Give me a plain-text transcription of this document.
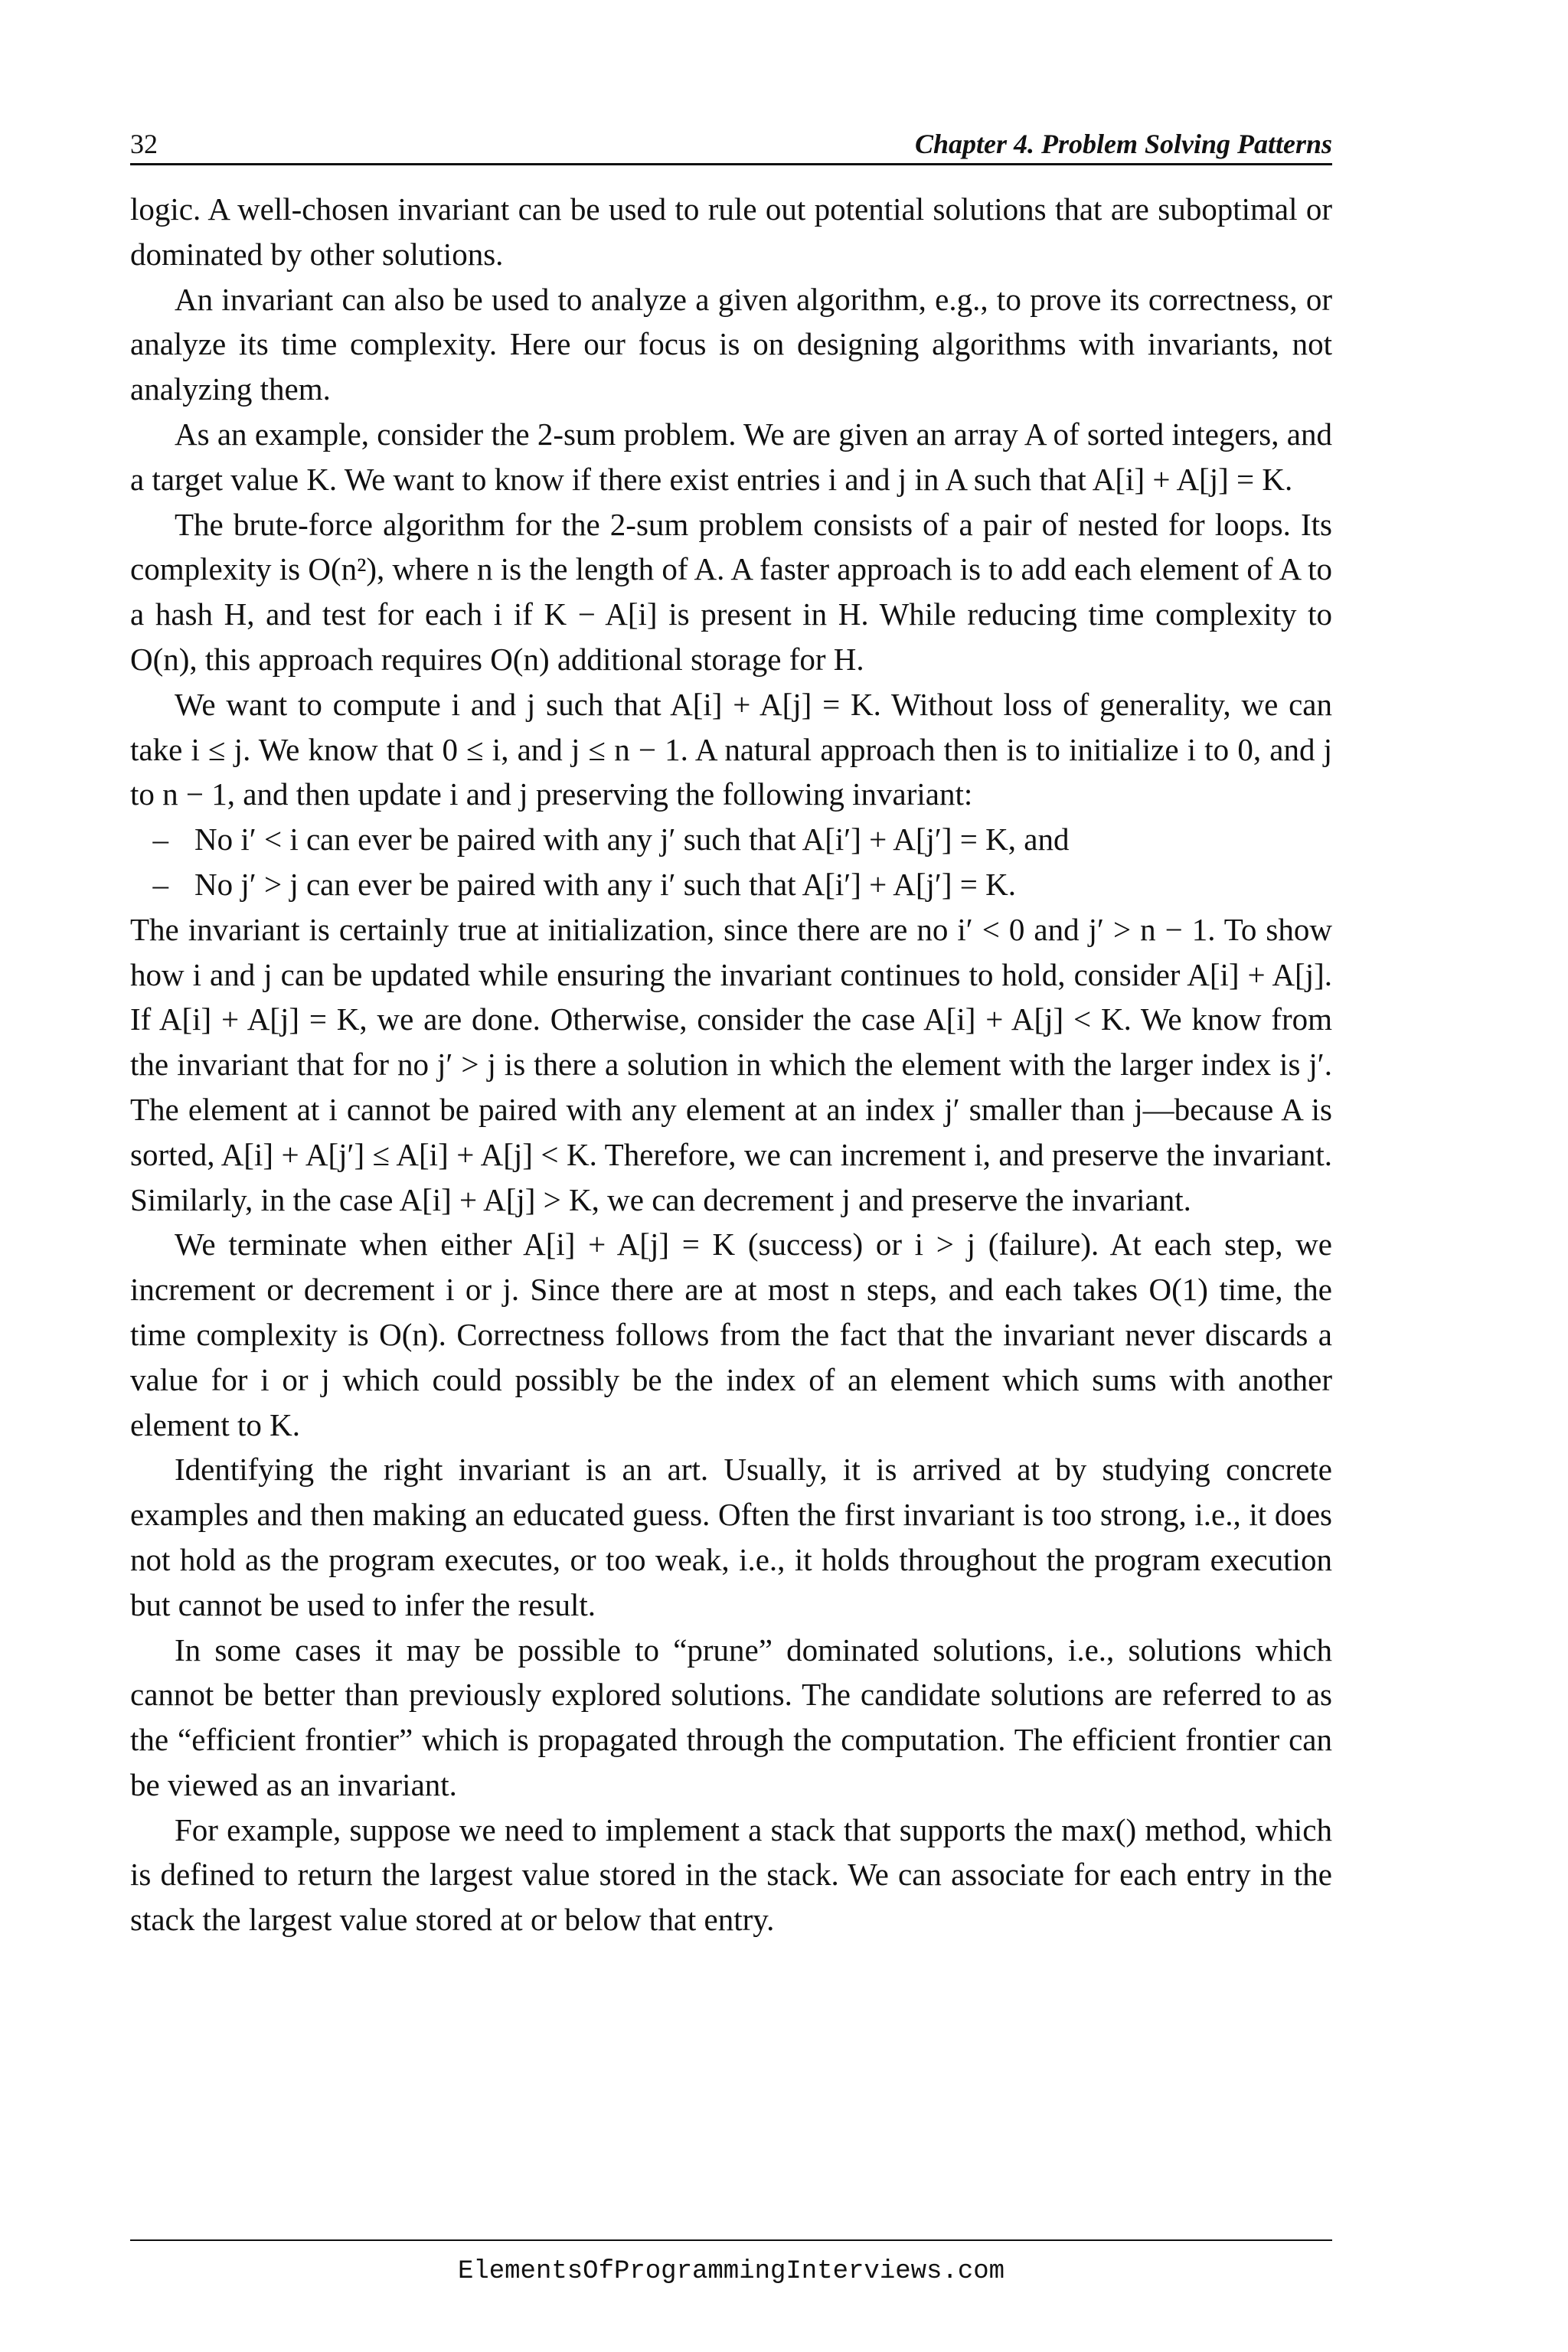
32	Chapter 4. Problem Solving Patterns

logic. A well-chosen invariant can be used to rule out potential solutions that are suboptimal or dominated by other solutions.

An invariant can also be used to analyze a given algorithm, e.g., to prove its correctness, or analyze its time complexity. Here our focus is on designing algorithms with invariants, not analyzing them.

As an example, consider the 2-sum problem. We are given an array A of sorted integers, and a target value K. We want to know if there exist entries i and j in A such that A[i] + A[j] = K.

The brute-force algorithm for the 2-sum problem consists of a pair of nested for loops. Its complexity is O(n²), where n is the length of A. A faster approach is to add each element of A to a hash H, and test for each i if K − A[i] is present in H. While reducing time complexity to O(n), this approach requires O(n) additional storage for H.

We want to compute i and j such that A[i] + A[j] = K. Without loss of generality, we can take i ≤ j. We know that 0 ≤ i, and j ≤ n − 1. A natural approach then is to initialize i to 0, and j to n − 1, and then update i and j preserving the following invariant:

– No i′ < i can ever be paired with any j′ such that A[i′] + A[j′] = K, and
– No j′ > j can ever be paired with any i′ such that A[i′] + A[j′] = K.

The invariant is certainly true at initialization, since there are no i′ < 0 and j′ > n − 1. To show how i and j can be updated while ensuring the invariant continues to hold, consider A[i] + A[j]. If A[i] + A[j] = K, we are done. Otherwise, consider the case A[i] + A[j] < K. We know from the invariant that for no j′ > j is there a solution in which the element with the larger index is j′. The element at i cannot be paired with any element at an index j′ smaller than j—because A is sorted, A[i] + A[j′] ≤ A[i] + A[j] < K. Therefore, we can increment i, and preserve the invariant. Similarly, in the case A[i] + A[j] > K, we can decrement j and preserve the invariant.

We terminate when either A[i] + A[j] = K (success) or i > j (failure). At each step, we increment or decrement i or j. Since there are at most n steps, and each takes O(1) time, the time complexity is O(n). Correctness follows from the fact that the invariant never discards a value for i or j which could possibly be the index of an element which sums with another element to K.

Identifying the right invariant is an art. Usually, it is arrived at by studying concrete examples and then making an educated guess. Often the first invariant is too strong, i.e., it does not hold as the program executes, or too weak, i.e., it holds throughout the program execution but cannot be used to infer the result.

In some cases it may be possible to “prune” dominated solutions, i.e., solutions which cannot be better than previously explored solutions. The candidate solutions are referred to as the “efficient frontier” which is propagated through the computation. The efficient frontier can be viewed as an invariant.

For example, suppose we need to implement a stack that supports the max() method, which is defined to return the largest value stored in the stack. We can associate for each entry in the stack the largest value stored at or below that entry.

ElementsOfProgrammingInterviews.com
